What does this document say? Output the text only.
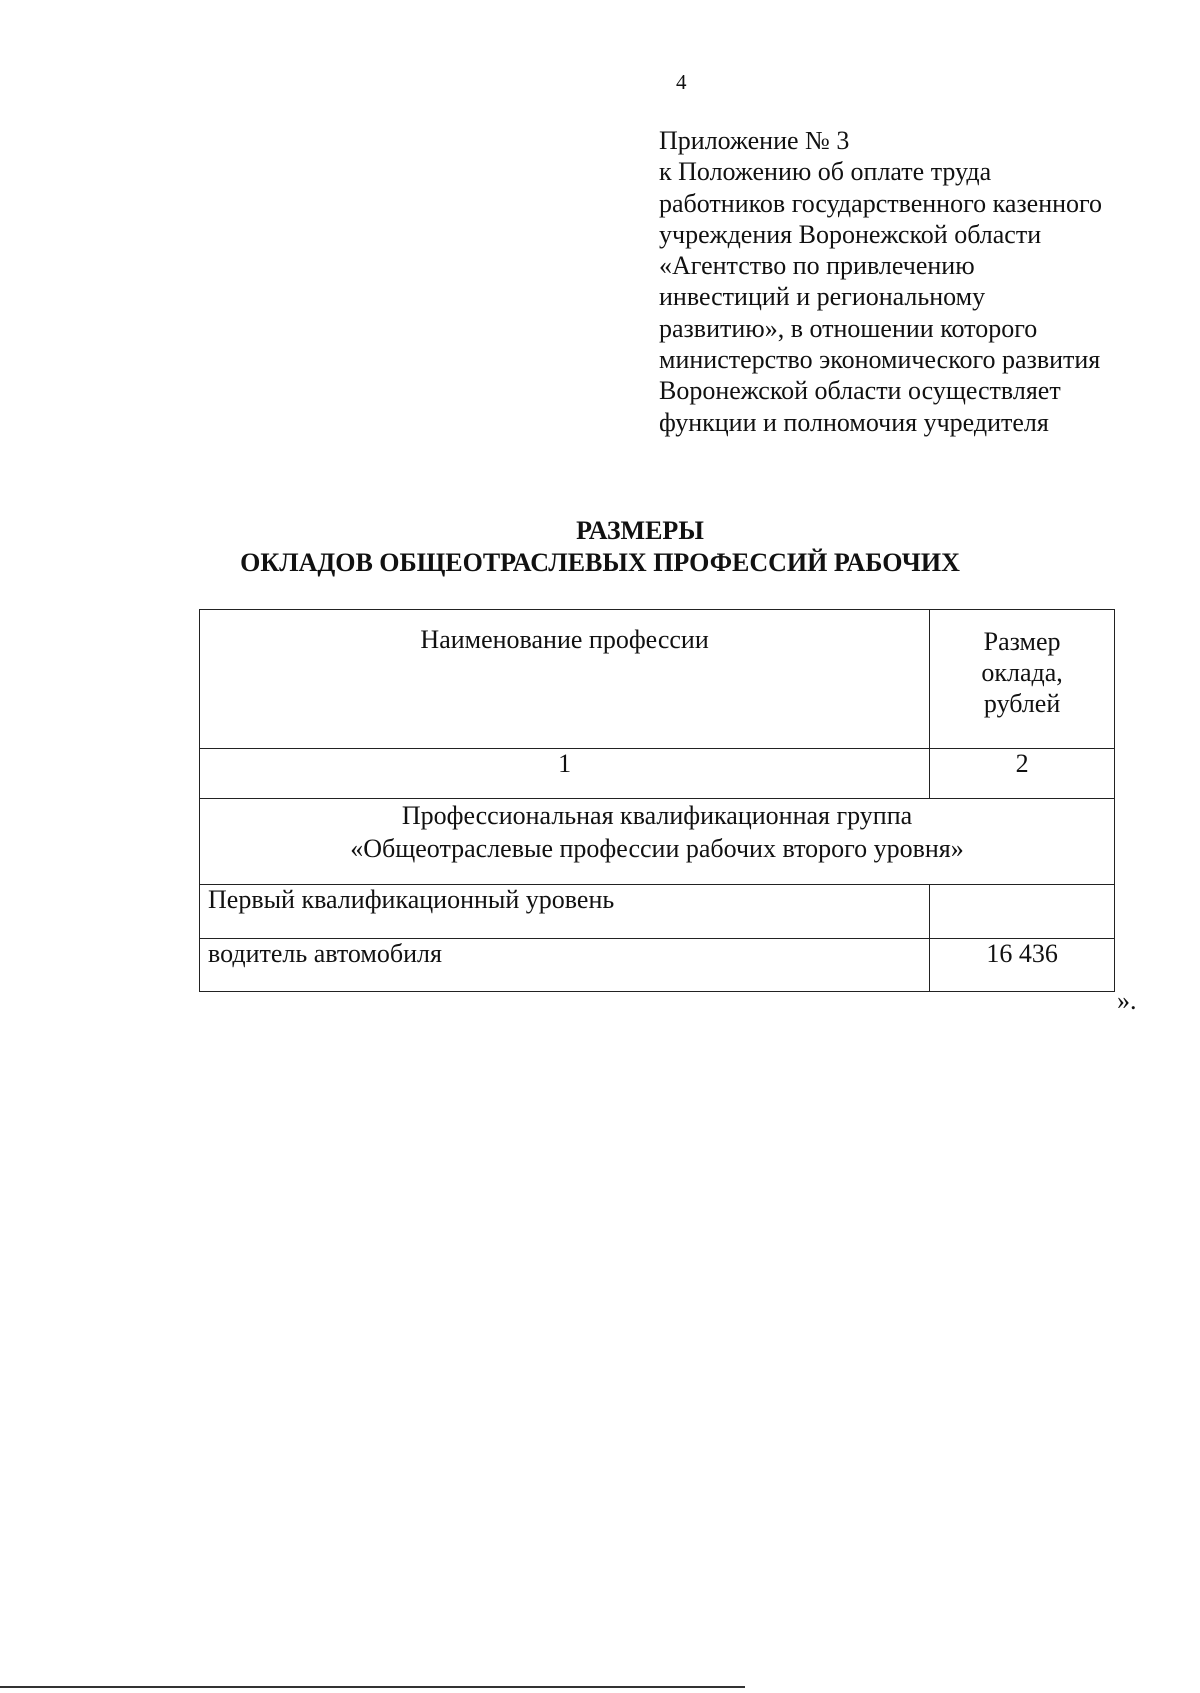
4
Приложение № 3
к Положению об оплате труда
работников государственного казенного
учреждения Воронежской области
«Агентство по привлечению
инвестиций и региональному
развитию», в отношении которого
министерство экономического развития
Воронежской области осуществляет
функции и полномочия учредителя
РАЗМЕРЫ
ОКЛАДОВ ОБЩЕОТРАСЛЕВЫХ ПРОФЕССИЙ РАБОЧИХ
Наименование профессии	Размер
оклада,
рублей

1	2

Профессиональная квалификационная группа
«Общеотраслевые профессии рабочих второго уровня»	

Первый квалификационный уровень	
водитель автомобиля	16 436
».
